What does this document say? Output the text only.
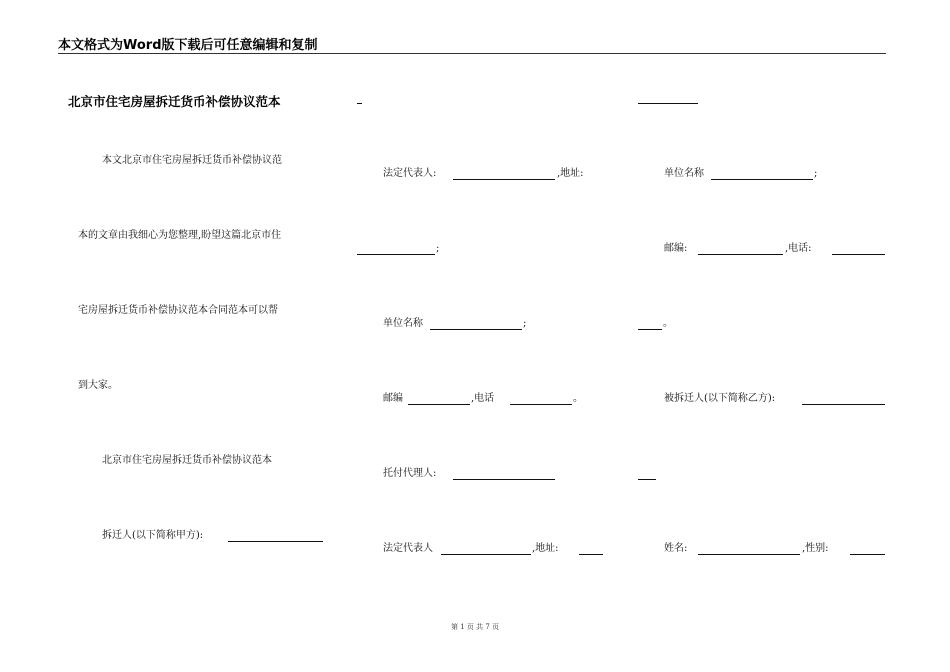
本文格式为Word版下载后可任意编辑和复制
北京市住宅房屋拆迁货币补偿协议范本
本文北京市住宅房屋拆迁货币补偿协议范
本的文章由我细心为您整理,盼望这篇北京市住
宅房屋拆迁货币补偿协议范本合同范本可以帮
到大家。
北京市住宅房屋拆迁货币补偿协议范本
拆迁人(以下简称甲方):
法定代表人:	,地址:
;
单位名称	;
邮编	,电话	。
托付代理人:
法定代表人	,地址:
单位名称	;
邮编:	,电话:
。
被拆迁人(以下简称乙方):
姓名:	,性别:
第 1 页 共 7 页
